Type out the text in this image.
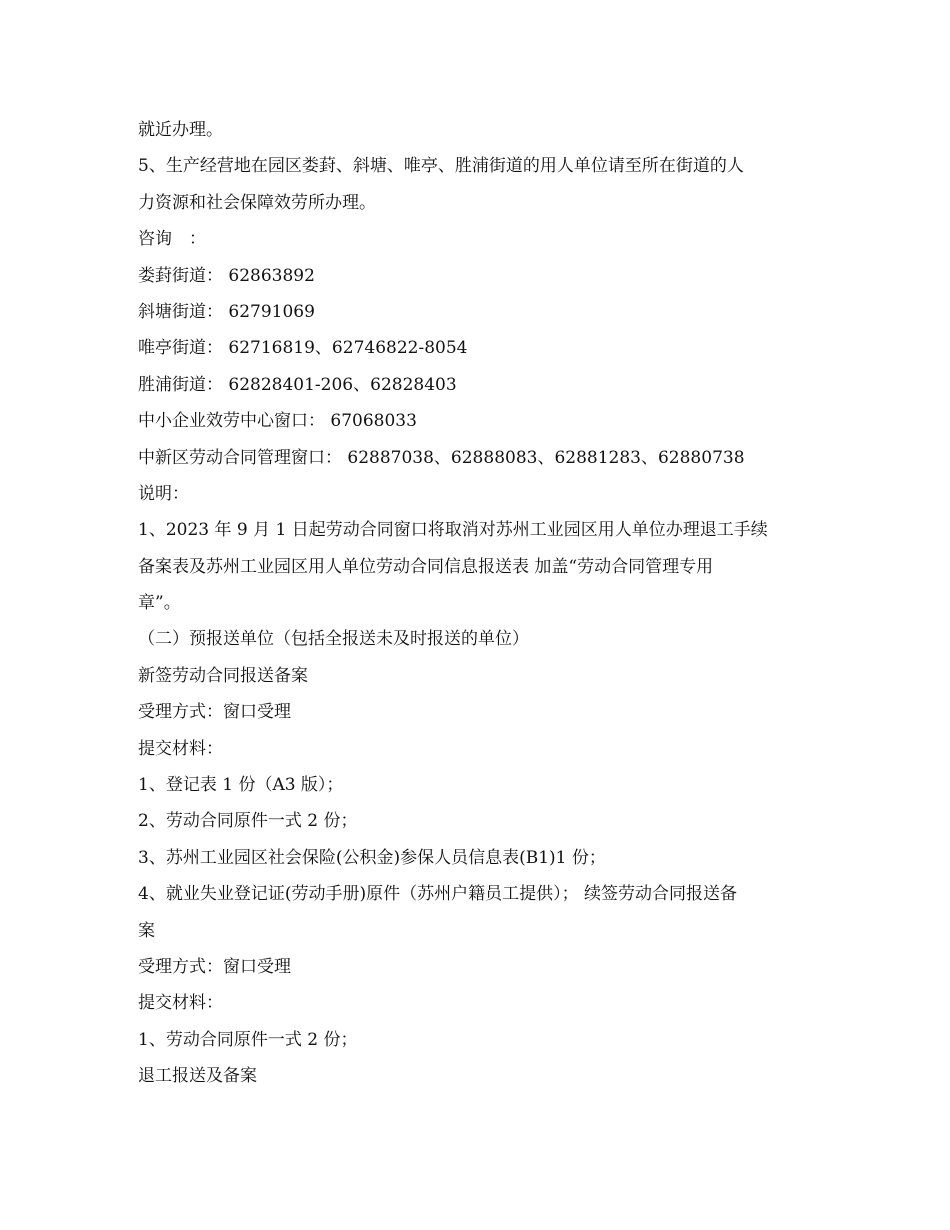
就近办理。

5、生产经营地在园区娄葑、斜塘、唯亭、胜浦街道的用人单位请至所在街道的人

力资源和社会保障效劳所办理。

咨询　：

娄葑街道： 62863892

斜塘街道： 62791069

唯亭街道： 62716819、62746822-8054

胜浦街道： 62828401-206、62828403

中小企业效劳中心窗口： 67068033

中新区劳动合同管理窗口： 62887038、62888083、62881283、62880738

说明：

1、2023 年 9 月 1 日起劳动合同窗口将取消对苏州工业园区用人单位办理退工手续

备案表及苏州工业园区用人单位劳动合同信息报送表 加盖“劳动合同管理专用

章”。

（二）预报送单位（包括全报送未及时报送的单位）

新签劳动合同报送备案

受理方式：窗口受理

提交材料：

1、登记表 1 份（A3 版）；

2、劳动合同原件一式 2 份；

3、苏州工业园区社会保险(公积金)参保人员信息表(B1)1 份；

4、就业失业登记证(劳动手册)原件（苏州户籍员工提供）； 续签劳动合同报送备

案

受理方式：窗口受理

提交材料：

1、劳动合同原件一式 2 份；

退工报送及备案
